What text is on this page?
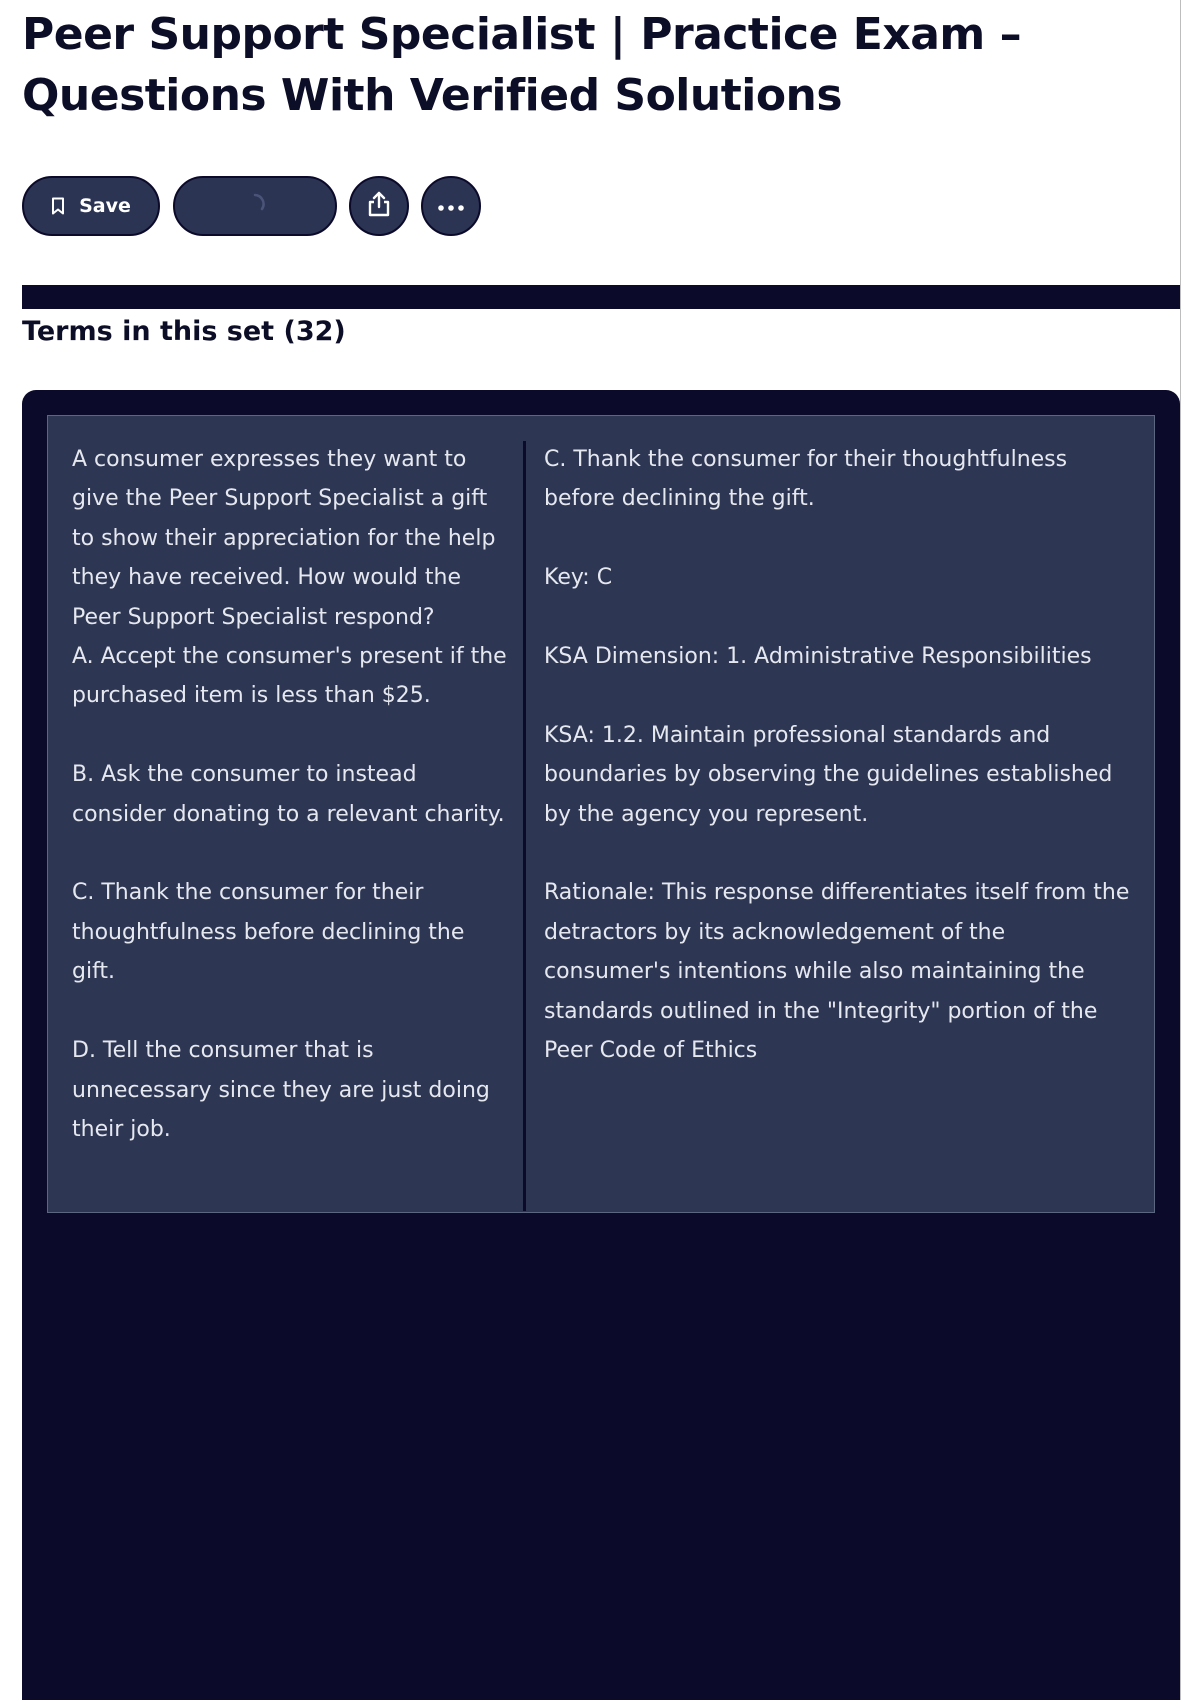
Peer Support Specialist | Practice Exam – Questions With Verified Solutions
Save
Terms in this set (32)
A consumer expresses they want to give the Peer Support Specialist a gift to show their appreciation for the help they have received. How would the Peer Support Specialist respond?
A. Accept the consumer's present if the purchased item is less than $25.

B. Ask the consumer to instead consider donating to a relevant charity.

C. Thank the consumer for their thoughtfulness before declining the gift.

D. Tell the consumer that is unnecessary since they are just doing their job.
C. Thank the consumer for their thoughtfulness before declining the gift.

Key: C

KSA Dimension: 1. Administrative Responsibilities

KSA: 1.2. Maintain professional standards and boundaries by observing the guidelines established by the agency you represent.

Rationale: This response differentiates itself from the detractors by its acknowledgement of the consumer's intentions while also maintaining the standards outlined in the "Integrity" portion of the Peer Code of Ethics
